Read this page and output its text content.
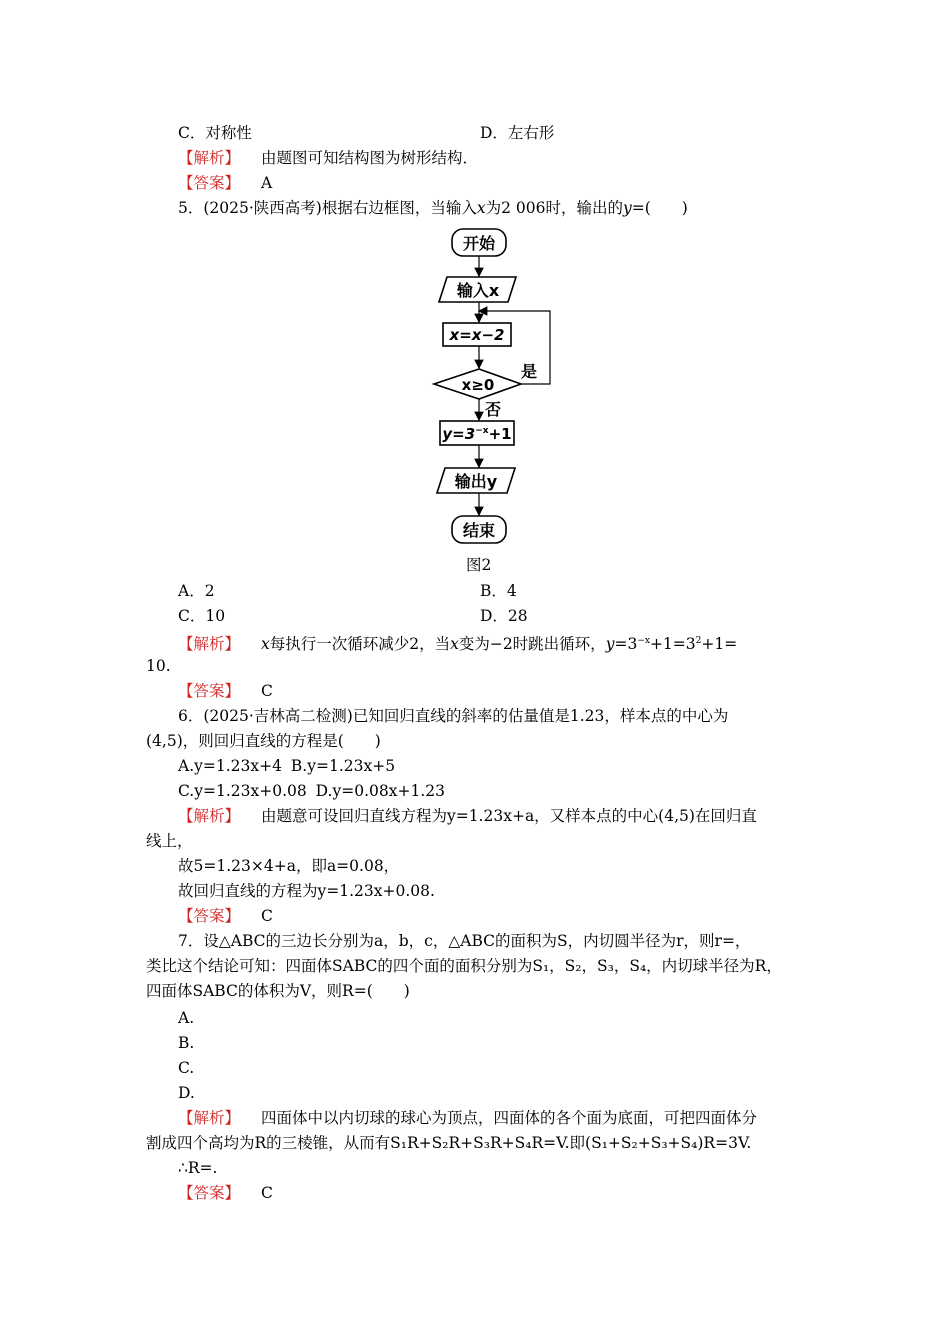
C．对称性	D．左右形
【解析】 由题图可知结构图为树形结构．
【答案】 A
5．(2025·陕西高考)根据右边框图，当输入x为2 006时，输出的y=(　　)
开始
输入x
x=x−2
x≥0
是
否
$y=3^{-x}+1$
输出y
结束
图2
A．2	B．4
C．10	D．28
【解析】 x每执行一次循环减少2，当x变为−2时跳出循环，$y=3^{-x}+1=3^2+1=$
10.
【答案】 C
6．(2025·吉林高二检测)已知回归直线的斜率的估量值是1.23，样本点的中心为
(4,5)，则回归直线的方程是(　　)
A.y=1.23x+4 B.y=1.23x+5
C.y=1.23x+0.08 D.y=0.08x+1.23
【解析】 由题意可设回归直线方程为y=1.23x+a，又样本点的中心(4,5)在回归直
线上，
故5=1.23×4+a，即a=0.08，
故回归直线的方程为y=1.23x+0.08.
【答案】 C
7．设△ABC的三边长分别为a，b，c，△ABC的面积为S，内切圆半径为r，则r=，
类比这个结论可知：四面体SABC的四个面的面积分别为S₁，S₂，S₃，S₄，内切球半径为R，
四面体SABC的体积为V，则R=(　　)
A.
B.
C.
D.
【解析】 四面体中以内切球的球心为顶点，四面体的各个面为底面，可把四面体分
割成四个高均为R的三棱锥，从而有S₁R+S₂R+S₃R+S₄R=V.即(S₁+S₂+S₃+S₄)R=3V.
∴R=.
【答案】 C
